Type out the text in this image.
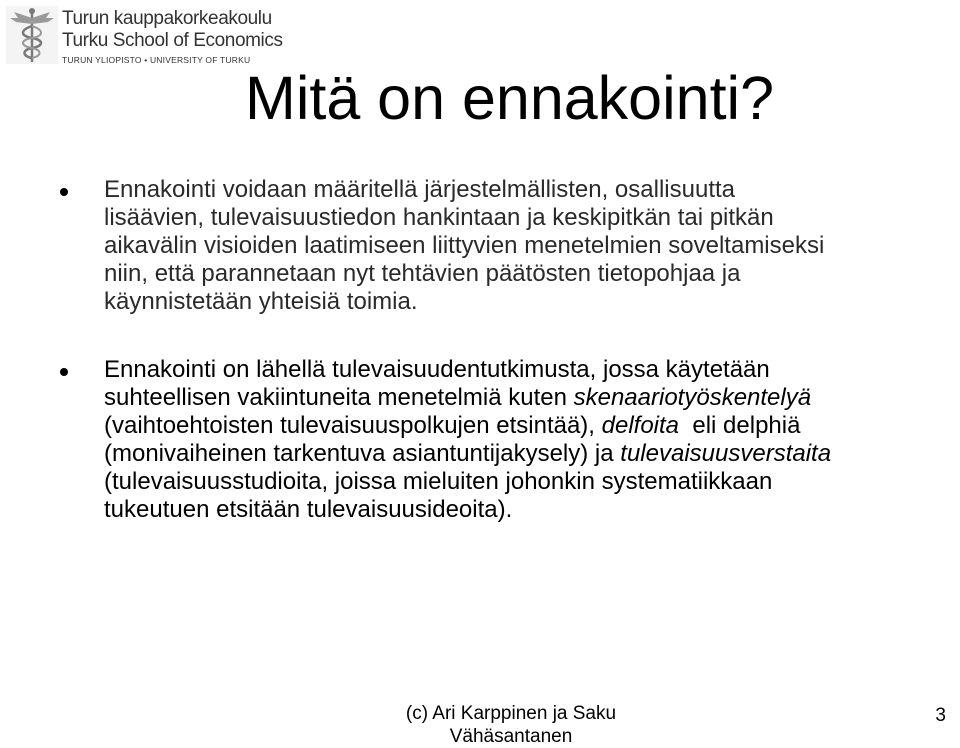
Turun kauppakorkeakoulu
Turku School of Economics
TURUN YLIOPISTO • UNIVERSITY OF TURKU
Mitä on ennakointi?

Ennakointi voidaan määritellä järjestelmällisten, osallisuutta
lisäävien, tulevaisuustiedon hankintaan ja keskipitkän tai pitkän
aikavälin visioiden laatimiseen liittyvien menetelmien soveltamiseksi
niin, että parannetaan nyt tehtävien päätösten tietopohjaa ja
käynnistetään yhteisiä toimia.

Ennakointi on lähellä tulevaisuudentutkimusta, jossa käytetään
suhteellisen vakiintuneita menetelmiä kuten skenaariotyöskentelyä
(vaihtoehtoisten tulevaisuuspolkujen etsintää), delfoita  eli delphiä
(monivaiheinen tarkentuva asiantuntijakysely) ja tulevaisuusverstaita
(tulevaisuusstudioita, joissa mieluiten johonkin systematiikkaan
tukeutuen etsitään tulevaisuusideoita).

(c) Ari Karppinen ja Saku
Vähäsantanen
3
